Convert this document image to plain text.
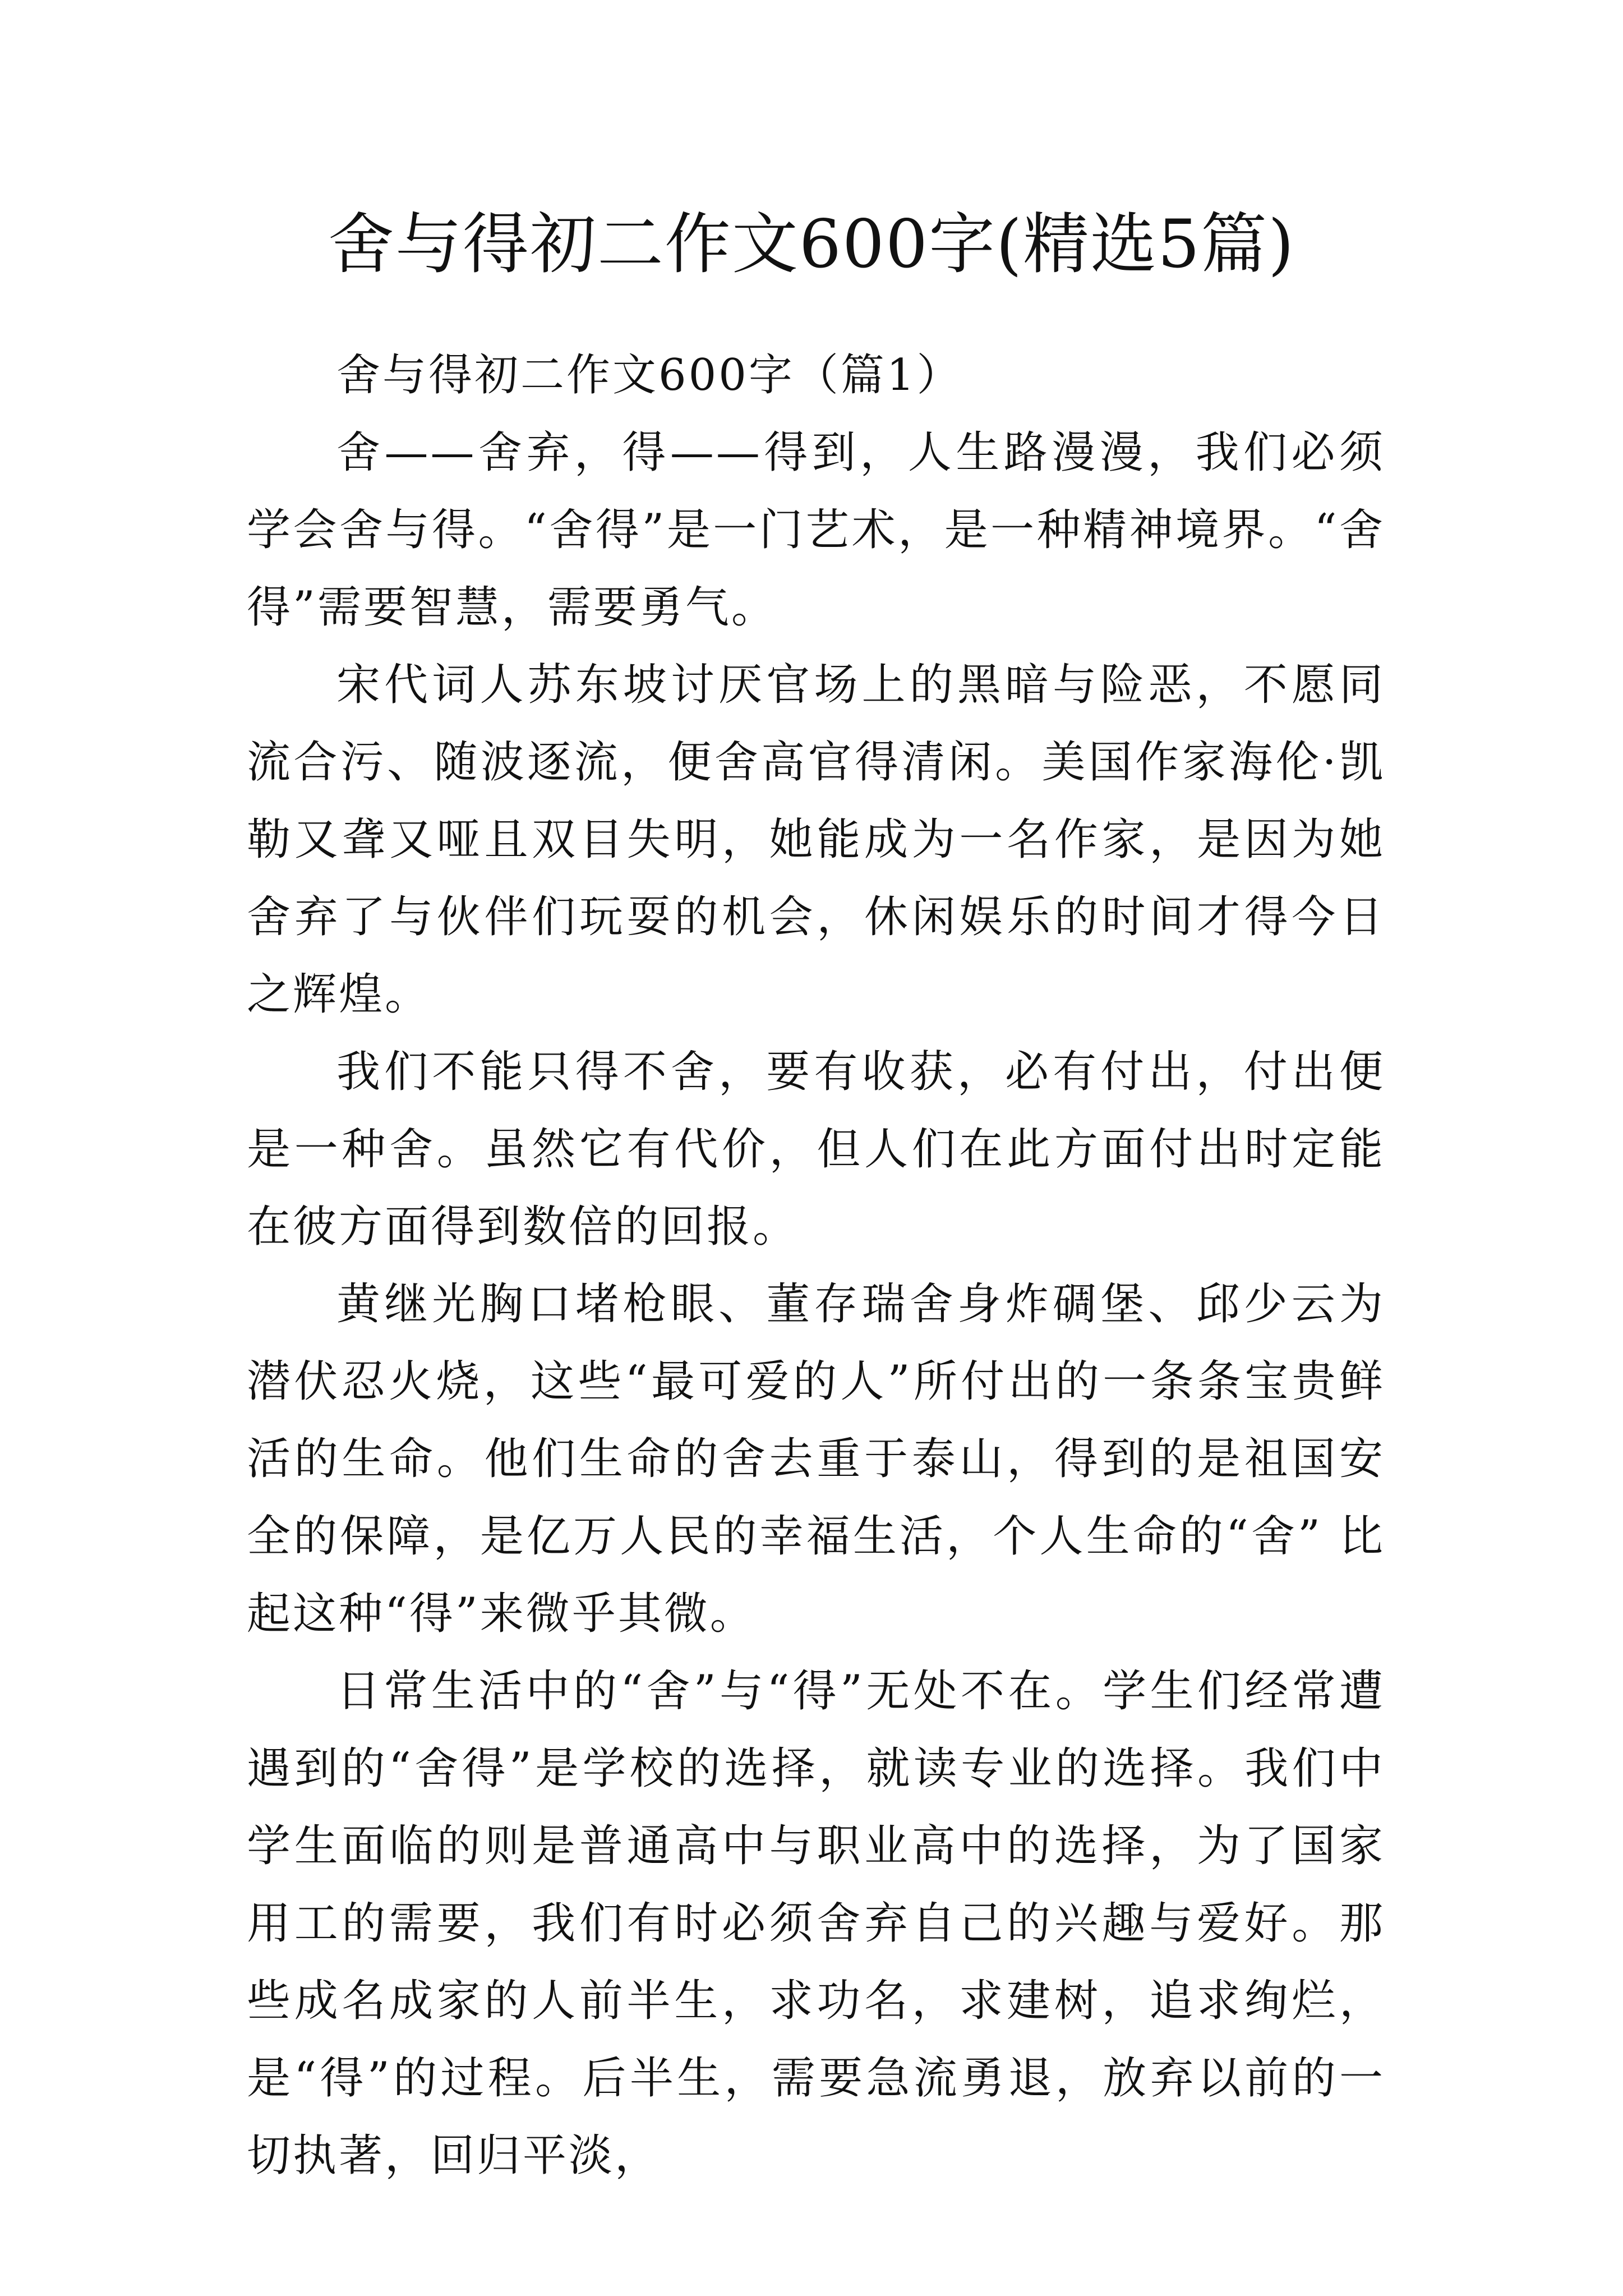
舍与得初二作文600字(精选5篇)

舍与得初二作文600字（篇1）

舍——舍弃，得——得到，人生路漫漫，我们必须学会舍与得。“舍得”是一门艺术，是一种精神境界。“舍得”需要智慧，需要勇气。

宋代词人苏东坡讨厌官场上的黑暗与险恶，不愿同流合污、随波逐流，便舍高官得清闲。美国作家海伦·凯勒又聋又哑且双目失明，她能成为一名作家，是因为她舍弃了与伙伴们玩耍的机会，休闲娱乐的时间才得今日之辉煌。

我们不能只得不舍，要有收获，必有付出，付出便是一种舍。虽然它有代价，但人们在此方面付出时定能在彼方面得到数倍的回报。

黄继光胸口堵枪眼、董存瑞舍身炸碉堡、邱少云为潜伏忍火烧，这些“最可爱的人”所付出的一条条宝贵鲜活的生命。他们生命的舍去重于泰山，得到的是祖国安全的保障，是亿万人民的幸福生活，个人生命的“舍” 比起这种“得”来微乎其微。

日常生活中的“舍”与“得”无处不在。学生们经常遭遇到的“舍得”是学校的选择，就读专业的选择。我们中学生面临的则是普通高中与职业高中的选择，为了国家用工的需要，我们有时必须舍弃自己的兴趣与爱好。那些成名成家的人前半生，求功名，求建树，追求绚烂，是“得”的过程。后半生，需要急流勇退，放弃以前的一切执著，回归平淡，
